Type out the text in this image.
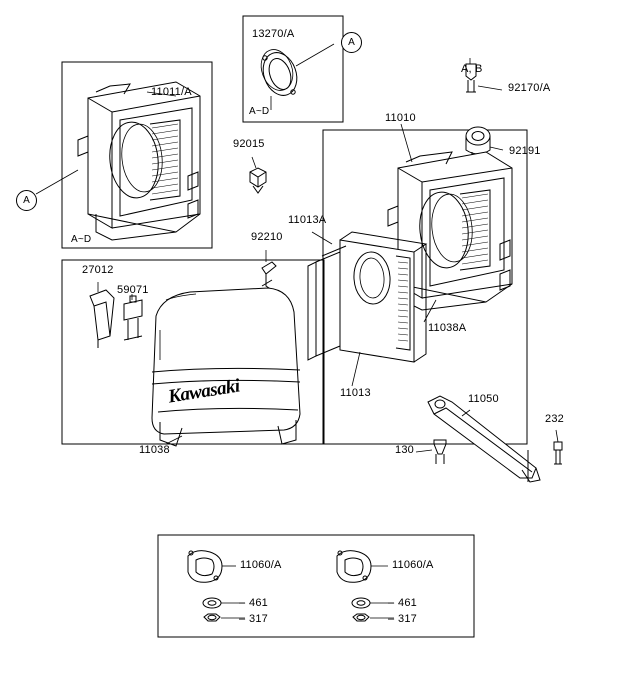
13270/A
A, B
92170/A
11011/A
11010
92191
A~D
92015
A~D
11013A
92210
11038A
27012
59071
11013	11050
232
11038	130
11060/A	11060/A
461	461
317	317
–
–
–
–
A
A
Kawasaki
